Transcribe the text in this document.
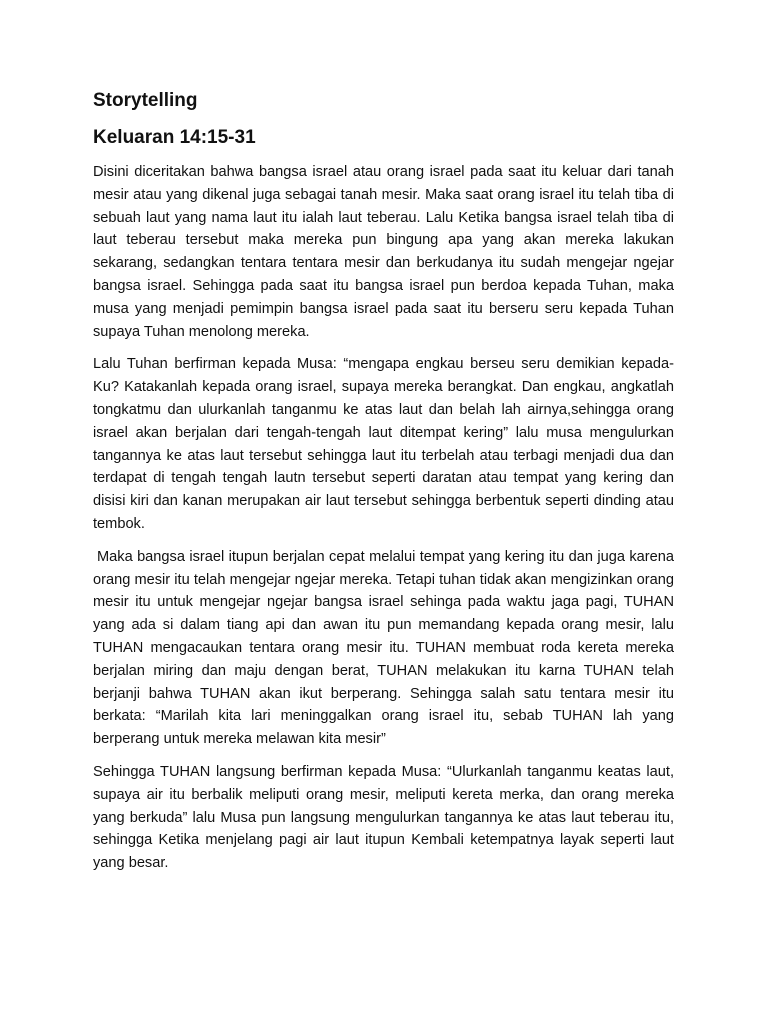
Storytelling
Keluaran 14:15-31

Disini diceritakan bahwa bangsa israel atau orang israel pada saat itu keluar dari tanah mesir atau yang dikenal juga sebagai tanah mesir. Maka saat orang israel itu telah tiba di sebuah laut yang nama laut itu ialah laut teberau. Lalu Ketika bangsa israel telah tiba di laut teberau tersebut maka mereka pun bingung apa yang akan mereka lakukan sekarang, sedangkan tentara tentara mesir dan berkudanya itu sudah mengejar ngejar bangsa israel. Sehingga pada saat itu bangsa israel pun berdoa kepada Tuhan, maka musa yang menjadi pemimpin bangsa israel pada saat itu berseru seru kepada Tuhan supaya Tuhan menolong mereka.

Lalu Tuhan berfirman kepada Musa: “mengapa engkau berseu seru demikian kepada-Ku? Katakanlah kepada orang israel, supaya mereka berangkat. Dan engkau, angkatlah tongkatmu dan ulurkanlah tanganmu ke atas laut dan belah lah airnya,sehingga orang israel akan berjalan dari tengah-tengah laut ditempat kering” lalu musa mengulurkan tangannya ke atas laut tersebut sehingga laut itu terbelah atau terbagi menjadi dua dan terdapat di tengah tengah lautn tersebut seperti daratan atau tempat yang kering dan disisi kiri dan kanan merupakan air laut tersebut sehingga berbentuk seperti dinding atau tembok.

Maka bangsa israel itupun berjalan cepat melalui tempat yang kering itu dan juga karena orang mesir itu telah mengejar ngejar mereka. Tetapi tuhan tidak akan mengizinkan orang mesir itu untuk mengejar ngejar bangsa israel sehinga pada waktu jaga pagi, TUHAN yang ada si dalam tiang api dan awan itu pun memandang kepada orang mesir, lalu TUHAN mengacaukan tentara orang mesir itu. TUHAN membuat roda kereta mereka berjalan miring dan maju dengan berat, TUHAN melakukan itu karna TUHAN telah berjanji bahwa TUHAN akan ikut berperang. Sehingga salah satu tentara mesir itu berkata: “Marilah kita lari meninggalkan orang israel itu, sebab TUHAN lah yang berperang untuk mereka melawan kita mesir”

Sehingga TUHAN langsung berfirman kepada Musa: “Ulurkanlah tanganmu keatas laut, supaya air itu berbalik meliputi orang mesir, meliputi kereta merka, dan orang mereka yang berkuda” lalu Musa pun langsung mengulurkan tangannya ke atas laut teberau itu, sehingga Ketika menjelang pagi air laut itupun Kembali ketempatnya layak seperti laut yang besar.
